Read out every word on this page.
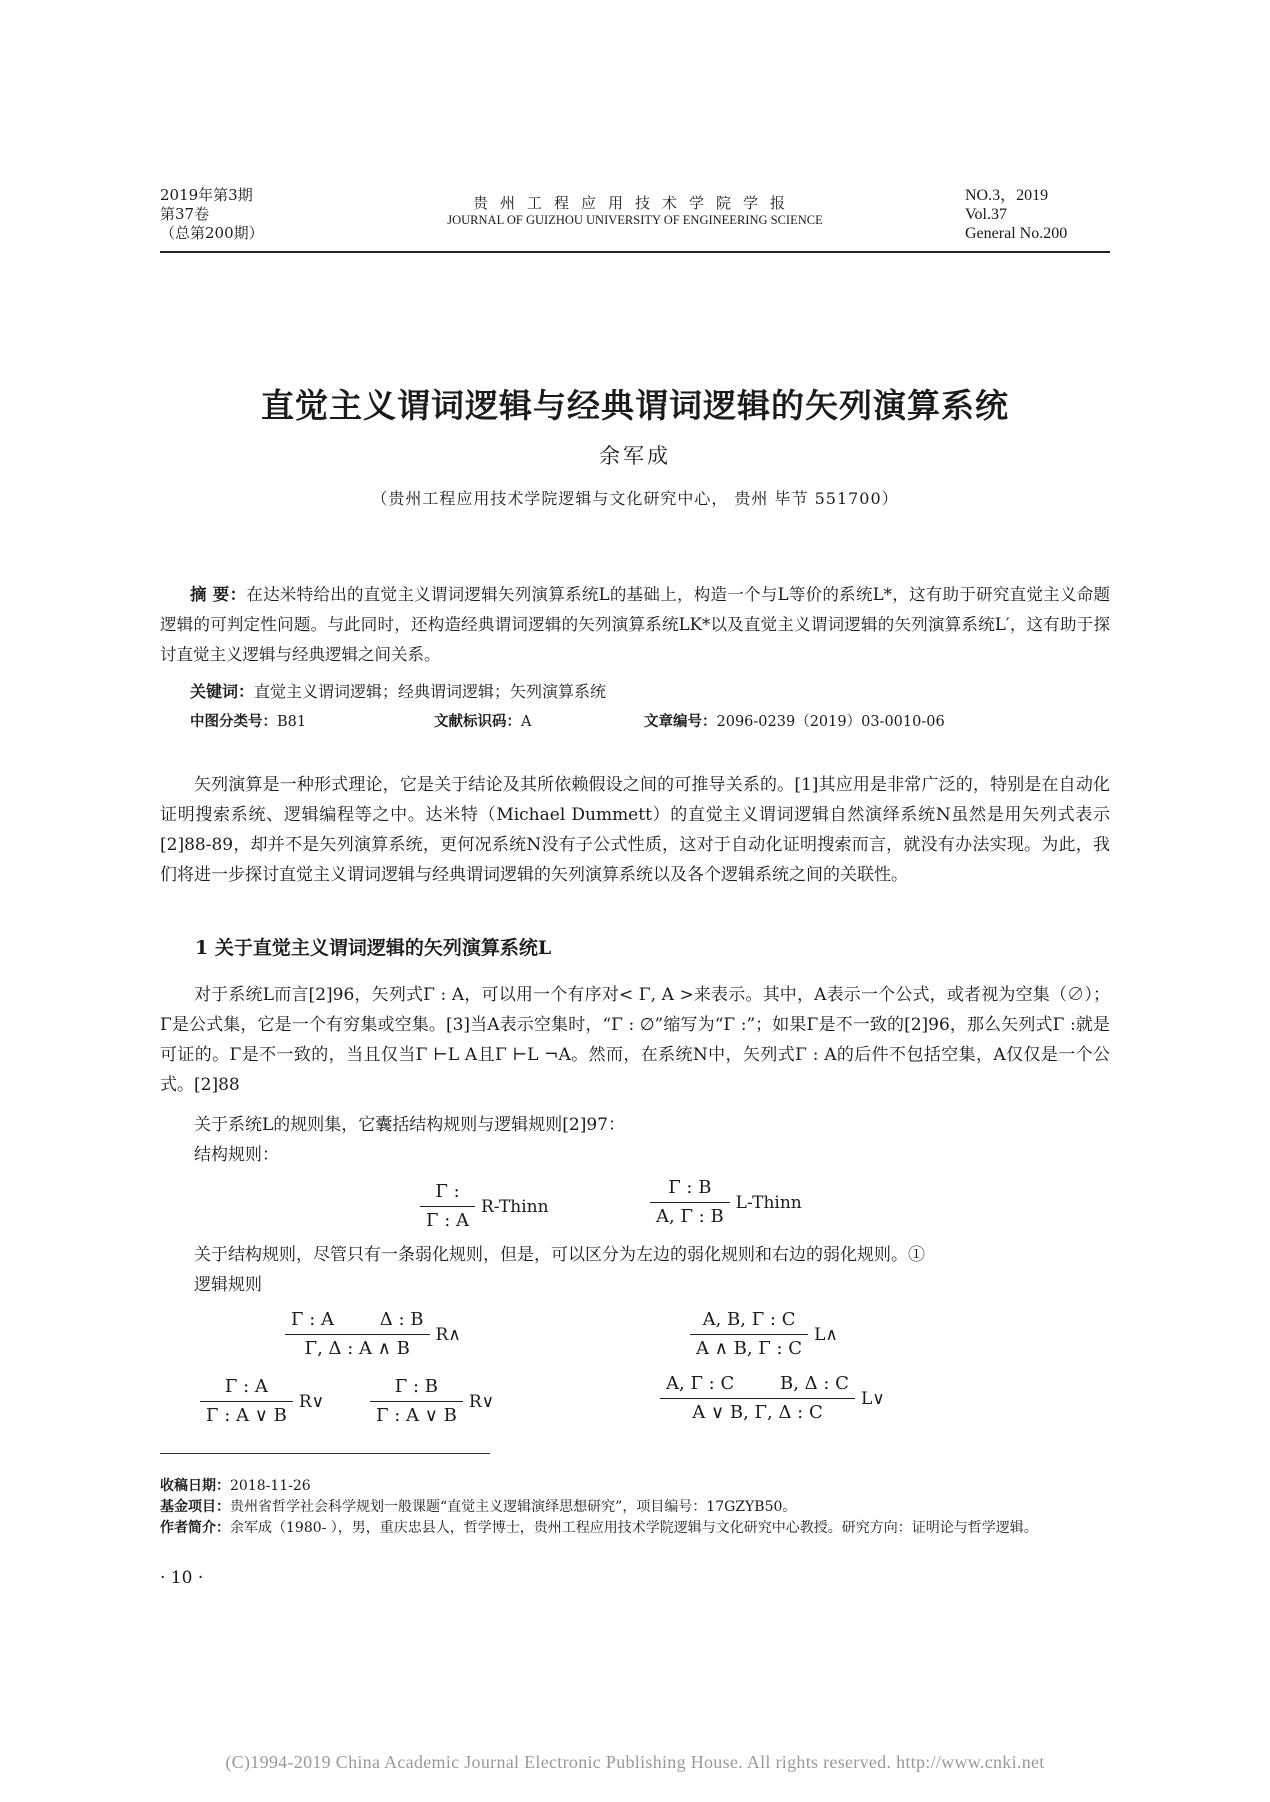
2019年第3期
第37卷
（总第200期）
贵州工程应用技术学院学报
JOURNAL OF GUIZHOU UNIVERSITY OF ENGINEERING SCIENCE
NO.3，2019
Vol.37
General No.200
直觉主义谓词逻辑与经典谓词逻辑的矢列演算系统
余军成
（贵州工程应用技术学院逻辑与文化研究中心， 贵州 毕节 551700）
摘 要：在达米特给出的直觉主义谓词逻辑矢列演算系统L的基础上，构造一个与L等价的系统L*，这有助于研究直觉主义命题逻辑的可判定性问题。与此同时，还构造经典谓词逻辑的矢列演算系统LK*以及直觉主义谓词逻辑的矢列演算系统L′，这有助于探讨直觉主义逻辑与经典逻辑之间关系。
关键词：直觉主义谓词逻辑；经典谓词逻辑；矢列演算系统
中图分类号：B81	文献标识码：A	文章编号：2096-0239（2019）03-0010-06
矢列演算是一种形式理论，它是关于结论及其所依赖假设之间的可推导关系的。[1]其应用是非常广泛的，特别是在自动化证明搜索系统、逻辑编程等之中。达米特（Michael Dummett）的直觉主义谓词逻辑自然演绎系统N虽然是用矢列式表示[2]88-89，却并不是矢列演算系统，更何况系统N没有子公式性质，这对于自动化证明搜索而言，就没有办法实现。为此，我们将进一步探讨直觉主义谓词逻辑与经典谓词逻辑的矢列演算系统以及各个逻辑系统之间的关联性。
1 关于直觉主义谓词逻辑的矢列演算系统L
对于系统L而言[2]96，矢列式Γ : A，可以用一个有序对< Γ, A >来表示。其中，A表示一个公式，或者视为空集（∅）；Γ是公式集，它是一个有穷集或空集。[3]当A表示空集时，“Γ : ∅”缩写为“Γ :”；如果Γ是不一致的[2]96，那么矢列式Γ :就是可证的。Γ是不一致的，当且仅当Γ ⊢L A且Γ ⊢L ¬A。然而，在系统N中，矢列式Γ : A的后件不包括空集，A仅仅是一个公式。[2]88
关于系统L的规则集，它囊括结构规则与逻辑规则[2]97：
结构规则：
$\frac{\Gamma :}{\Gamma : A}$ R-Thinn	$\frac{\Gamma : B}{A, \Gamma : B}$ L-Thinn
关于结构规则，尽管只有一条弱化规则，但是，可以区分为左边的弱化规则和右边的弱化规则。①
逻辑规则
$\frac{\text{Γ : A        Δ : B}}{\Gamma, \Delta : A \wedge B}$ R∧	$\frac{A, B, \Gamma : C}{A \wedge B, \Gamma : C}$ L∧
$\frac{\Gamma : A}{\Gamma : A \vee B}$ R∨	$\frac{\Gamma : B}{\Gamma : A \vee B}$ R∨	$\frac{\text{A, Γ : C        B, Δ : C}}{A \vee B, \Gamma, \Delta : C}$ L∨
收稿日期：2018-11-26
基金项目：贵州省哲学社会科学规划一般课题“直觉主义逻辑演绎思想研究”，项目编号：17GZYB50。
作者简介：余军成（1980- ），男，重庆忠县人，哲学博士，贵州工程应用技术学院逻辑与文化研究中心教授。研究方向：证明论与哲学逻辑。
· 10 ·
(C)1994-2019 China Academic Journal Electronic Publishing House. All rights reserved. http://www.cnki.net
